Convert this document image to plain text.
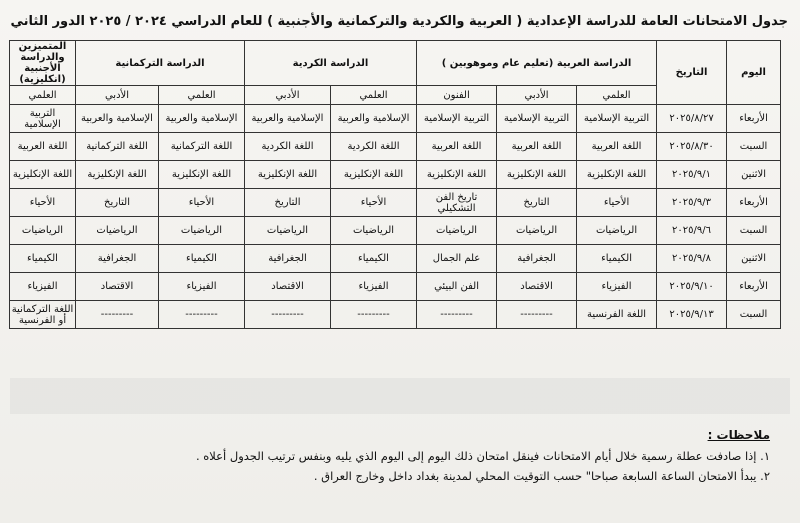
جدول الامتحانات العامة للدراسة الإعدادية ( العربية والكردية والتركمانية والأجنبية ) للعام الدراسي ٢٠٢٤ / ٢٠٢٥ الدور الثاني
اليوم	التاريخ	الدراسة العربية (تعليم عام وموهوبين )			الدراسة الكردية		الدراسة التركمانية		المتميزين والدراسة الأجنبية (انكليزية)
		العلمي	الأدبي	الفنون	العلمي	الأدبي	العلمي	الأدبي	العلمي
الأربعاء	٢٠٢٥/٨/٢٧	التربية الإسلامية	التربية الإسلامية	التربية الإسلامية	الإسلامية والعربية	الإسلامية والعربية	الإسلامية والعربية	الإسلامية والعربية	التربية الإسلامية
السبت	٢٠٢٥/٨/٣٠	اللغة العربية	اللغة العربية	اللغة العربية	اللغة الكردية	اللغة الكردية	اللغة التركمانية	اللغة التركمانية	اللغة العربية
الاثنين	٢٠٢٥/٩/١	اللغة الإنكليزية	اللغة الإنكليزية	اللغة الإنكليزية	اللغة الإنكليزية	اللغة الإنكليزية	اللغة الإنكليزية	اللغة الإنكليزية	اللغة الإنكليزية
الأربعاء	٢٠٢٥/٩/٣	الأحياء	التاريخ	تاريخ الفن التشكيلي	الأحياء	التاريخ	الأحياء	التاريخ	الأحياء
السبت	٢٠٢٥/٩/٦	الرياضيات	الرياضيات	الرياضيات	الرياضيات	الرياضيات	الرياضيات	الرياضيات	الرياضيات
الاثنين	٢٠٢٥/٩/٨	الكيمياء	الجغرافية	علم الجمال	الكيمياء	الجغرافية	الكيمياء	الجغرافية	الكيمياء
الأربعاء	٢٠٢٥/٩/١٠	الفيزياء	الاقتصاد	الفن البيئي	الفيزياء	الاقتصاد	الفيزياء	الاقتصاد	الفيزياء
السبت	٢٠٢٥/٩/١٣	اللغة الفرنسية	---------	---------	---------	---------	---------	---------	اللغة التركمانية أو الفرنسية
ملاحظات :
١. إذا صادفت عطلة رسمية خلال أيام الامتحانات فينقل امتحان ذلك اليوم إلى اليوم الذي يليه وبنفس ترتيب الجدول أعلاه .
٢. يبدأ الامتحان الساعة السابعة صباحا" حسب التوقيت المحلي لمدينة بغداد داخل وخارج العراق .
